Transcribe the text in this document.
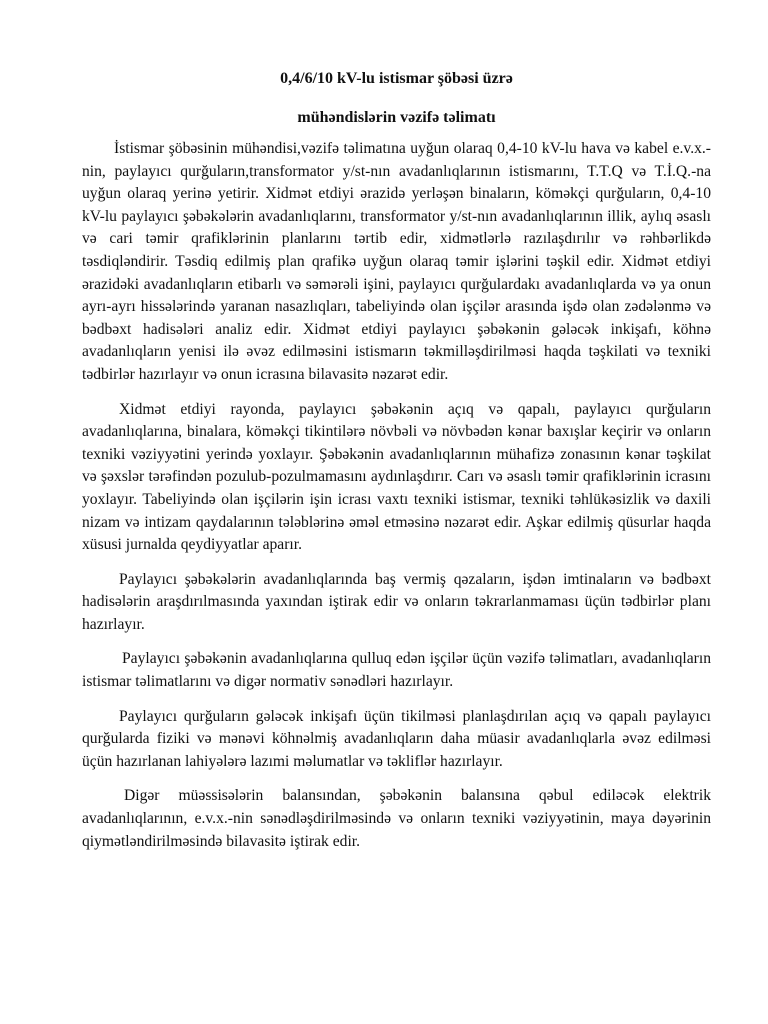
0,4/6/10 kV-lu istismar şöbəsi üzrə

mühəndislərin vəzifə təlimatı

İstismar şöbəsinin mühəndisi,vəzifə təlimatına uyğun olaraq 0,4-10 kV-lu hava və kabel e.v.x.-nin, paylayıcı qurğuların,transformator y/st-nın avadanlıqlarının istismarını, T.T.Q və T.İ.Q.-na uyğun olaraq yerinə yetirir. Xidmət etdiyi ərazidə yerləşən binaların, köməkçi qurğuların, 0,4-10 kV-lu paylayıcı şəbəkələrin avadanlıqlarını, transformator y/st-nın avadanlıqlarının illik, aylıq əsaslı və cari təmir qrafiklərinin planlarını tərtib edir, xidmətlərlə razılaşdırılır və rəhbərlikdə təsdiqləndirir. Təsdiq edilmiş plan qrafikə uyğun olaraq təmir işlərini təşkil edir. Xidmət etdiyi ərazidəki avadanlıqların etibarlı və səmərəli işini, paylayıcı qurğulardakı avadanlıqlarda və ya onun ayrı-ayrı hissələrində yaranan nasazlıqları, tabeliyində olan işçilər arasında işdə olan zədələnmə və bədbəxt hadisələri analiz edir. Xidmət etdiyi paylayıcı şəbəkənin gələcək inkişafı, köhnə avadanlıqların yenisi ilə əvəz edilməsini istismarın təkmilləşdirilməsi haqda təşkilati və texniki tədbirlər hazırlayır və onun icrasına bilavasitə nəzarət edir.

Xidmət etdiyi rayonda, paylayıcı şəbəkənin açıq və qapalı, paylayıcı qurğuların avadanlıqlarına, binalara, köməkçi tikintilərə növbəli və növbədən kənar baxışlar keçirir və onların texniki vəziyyətini yerində yoxlayır. Şəbəkənin avadanlıqlarının mühafizə zonasının kənar təşkilat və şəxslər tərəfindən pozulub-pozulmamasını aydınlaşdırır. Carı və əsaslı təmir qrafiklərinin icrasını yoxlayır. Tabeliyində olan işçilərin işin icrası vaxtı texniki istismar, texniki təhlükəsizlik və daxili nizam və intizam qaydalarının tələblərinə əməl etməsinə nəzarət edir. Aşkar edilmiş qüsurlar haqda xüsusi jurnalda qeydiyyatlar aparır.

Paylayıcı şəbəkələrin avadanlıqlarında baş vermiş qəzaların, işdən imtinaların və bədbəxt hadisələrin araşdırılmasında yaxından iştirak edir və onların təkrarlanmaması üçün tədbirlər planı hazırlayır.

Paylayıcı şəbəkənin avadanlıqlarına qulluq edən işçilər üçün vəzifə təlimatları, avadanlıqların istismar təlimatlarını və digər normativ sənədləri hazırlayır.

Paylayıcı qurğuların gələcək inkişafı üçün tikilməsi planlaşdırılan açıq və qapalı paylayıcı qurğularda fiziki və mənəvi köhnəlmiş avadanlıqların daha müasir avadanlıqlarla əvəz edilməsi üçün hazırlanan lahiyələrə lazımi məlumatlar və təkliflər hazırlayır.

Digər müəssisələrin balansından, şəbəkənin balansına qəbul ediləcək elektrik avadanlıqlarının, e.v.x.-nin sənədləşdirilməsində və onların texniki vəziyyətinin, maya dəyərinin qiymətləndirilməsində bilavasitə iştirak edir.
